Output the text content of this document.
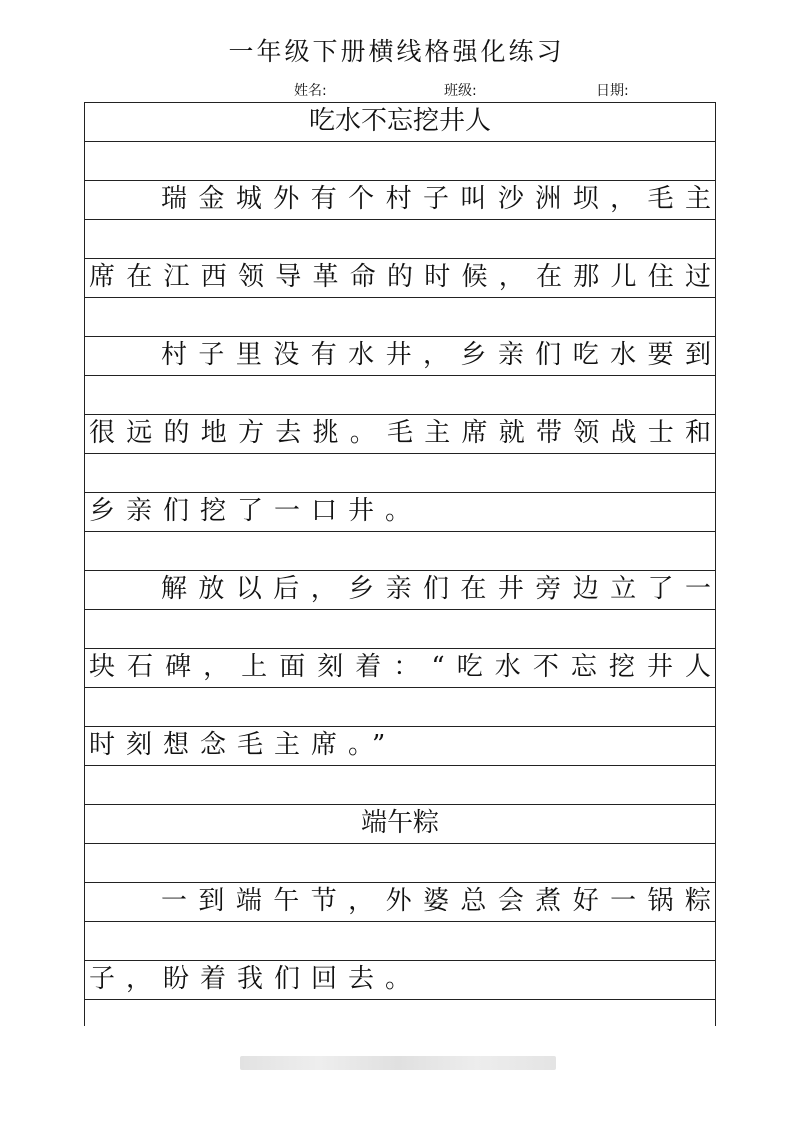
一年级下册横线格强化练习
姓名:	班级:	日期:
吃水不忘挖井人
瑞金城外有个村子叫沙洲坝，毛主
席在江西领导革命的时候，在那儿住过
村子里没有水井，乡亲们吃水要到
很远的地方去挑。毛主席就带领战士和
乡亲们挖了一口井。
解放以后，乡亲们在井旁边立了一
块石碑，上面刻着：“吃水不忘挖井人
时刻想念毛主席。”
端午粽
一到端午节，外婆总会煮好一锅粽
子，盼着我们回去。
